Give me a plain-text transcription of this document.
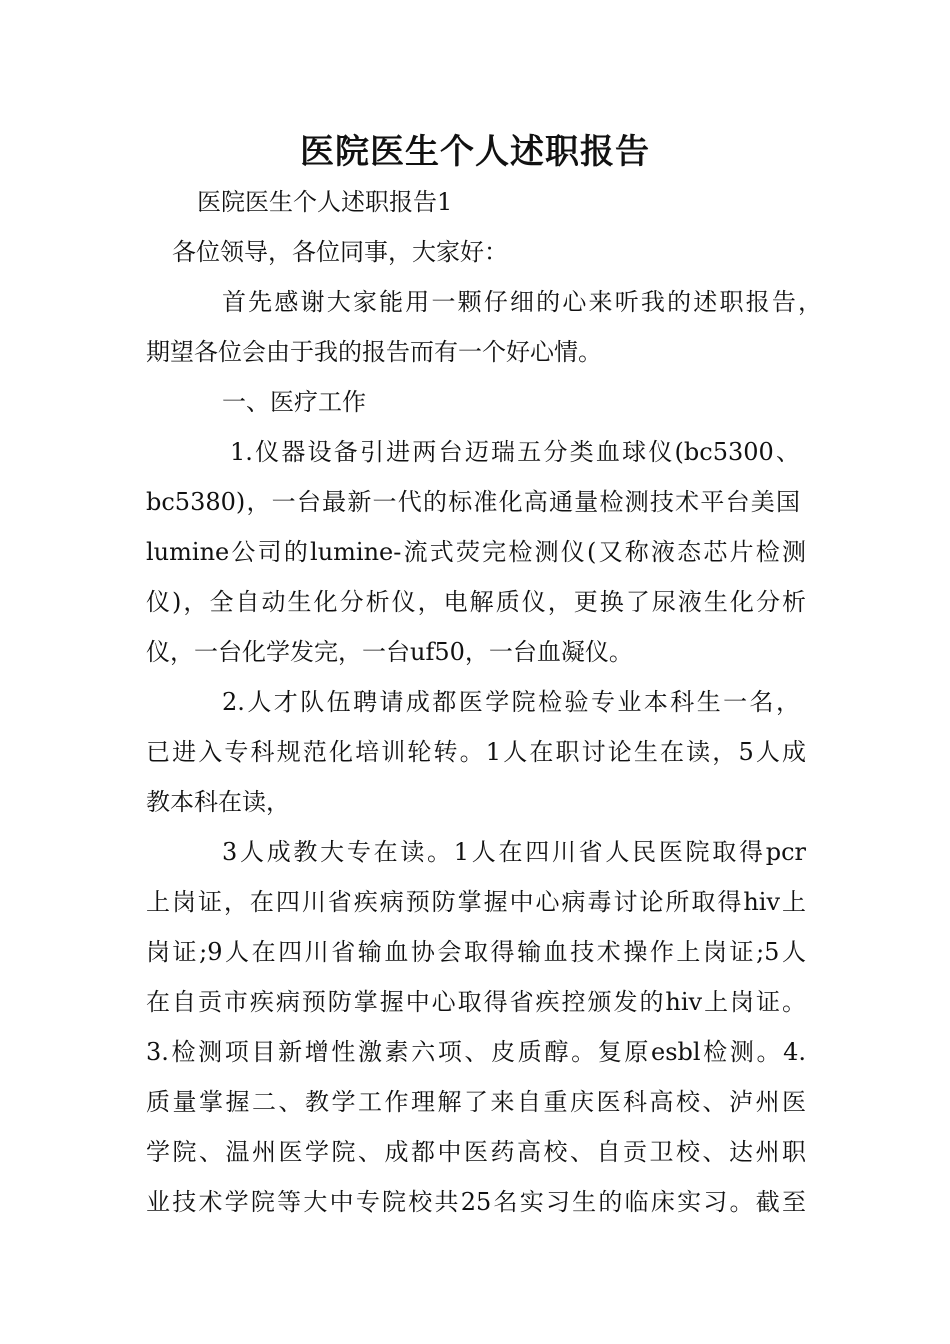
医院医生个人述职报告

医院医生个人述职报告1

各位领导，各位同事，大家好：

首先感谢大家能用一颗仔细的心来听我的述职报告，

期望各位会由于我的报告而有一个好心情。

一、医疗工作

1.仪器设备引进两台迈瑞五分类血球仪(bc5300、

bc5380)，一台最新一代的标准化高通量检测技术平台美国

lumine公司的lumine-流式荧完检测仪(又称液态芯片检测

仪)，全自动生化分析仪，电解质仪，更换了尿液生化分析

仪，一台化学发完，一台uf50，一台血凝仪。

2.人才队伍聘请成都医学院检验专业本科生一名，

已进入专科规范化培训轮转。1人在职讨论生在读，5人成

教本科在读，

3人成教大专在读。1人在四川省人民医院取得pcr

上岗证，在四川省疾病预防掌握中心病毒讨论所取得hiv上

岗证;9人在四川省输血协会取得输血技术操作上岗证;5人

在自贡市疾病预防掌握中心取得省疾控颁发的hiv上岗证。

3.检测项目新增性激素六项、皮质醇。复原esbl检测。4.

质量掌握二、教学工作理解了来自重庆医科高校、泸州医

学院、温州医学院、成都中医药高校、自贡卫校、达州职

业技术学院等大中专院校共25名实习生的临床实习。截至
